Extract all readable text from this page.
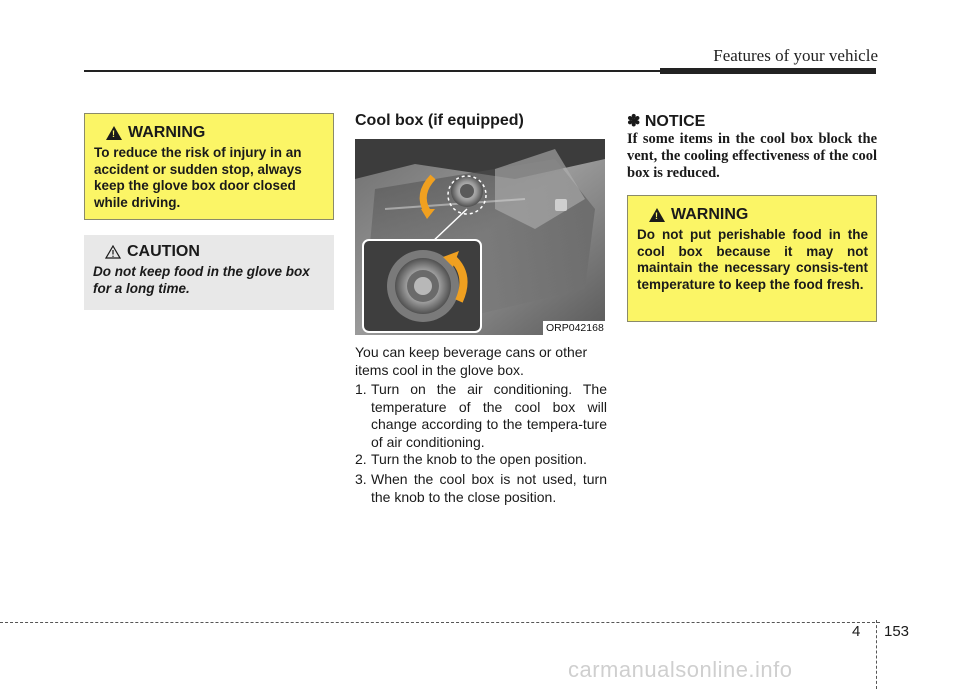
Features of your vehicle
!
WARNING
To reduce the risk of injury in an accident or sudden stop, always keep the glove box door closed while driving.
CAUTION
Do not keep food in the glove box for a long time.
Cool box (if equipped)
ORP042168
You can keep beverage cans or other items cool in the glove box.
1. Turn on the air conditioning. The temperature of the cool box will change according to the tempera-ture of air conditioning.
2. Turn the knob to the open position.
3. When the cool box is not used, turn the knob to the close position.
✽ NOTICE
If some items in the cool box block the vent, the cooling effectiveness of the cool box is reduced.
!
WARNING
Do not put perishable food in the cool box because it may not maintain the necessary consis-tent temperature to keep the food fresh.
4 153
carmanualsonline.info
